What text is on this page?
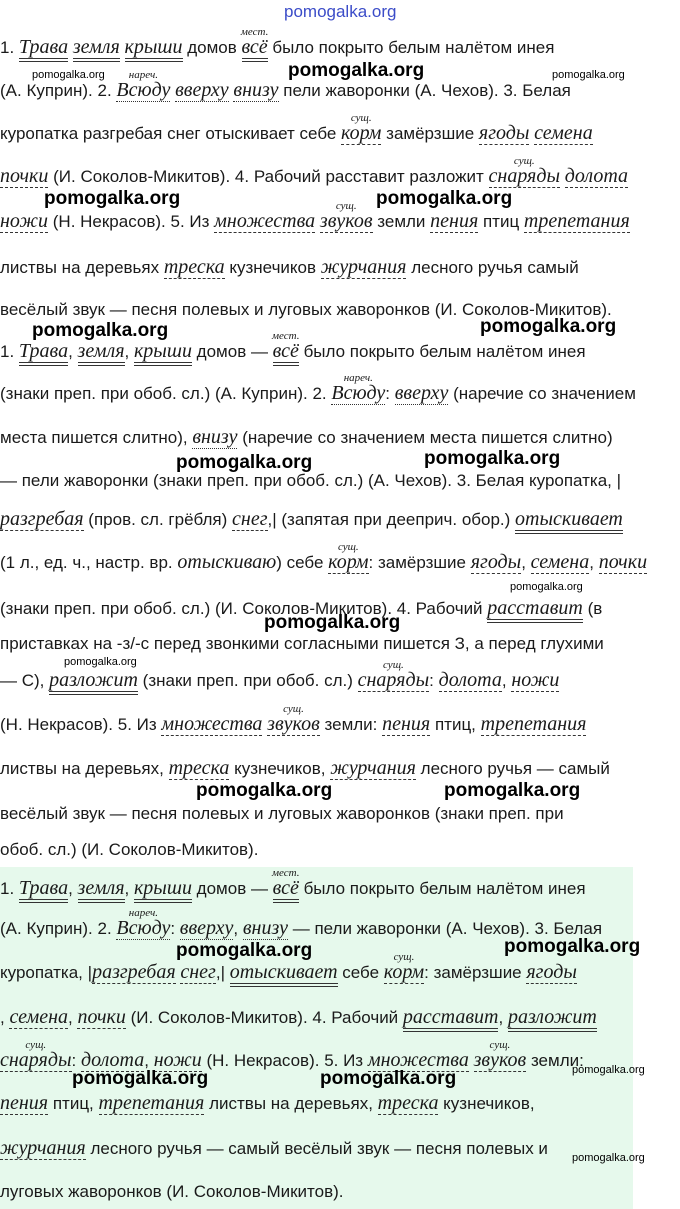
pomogalka.org
1. Трава земля крыши домов
мест.
всё было покрыто белым налётом инея
pomogalka.org	pomogalka.org	pomogalka.org
(А. Куприн). 2.
нареч.
Всюду вверху внизу пели жаворонки (А. Чехов). 3. Белая
куропатка разгребая снег отыскивает себе
сущ.
корм замёрзшие ягоды семена
почки (И. Соколов-Микитов). 4. Рабочий расставит разложит
сущ.
снаряды долота
pomogalka.org	pomogalka.org
ножи (Н. Некрасов). 5. Из множества
сущ.
звуков земли пения птиц трепетания
листвы на деревьях треска кузнечиков журчания лесного ручья самый
весёлый звук — песня полевых и луговых жаворонков (И. Соколов-Микитов).
pomogalka.org	pomogalka.org
1. Трава, земля, крыши домов —
мест.
всё было покрыто белым налётом инея
(знаки преп. при обоб. сл.) (А. Куприн). 2.
нареч.
Всюду: вверху (наречие со значением
места пишется слитно), внизу (наречие со значением места пишется слитно)
pomogalka.org	pomogalka.org
— пели жаворонки (знаки преп. при обоб. сл.) (А. Чехов). 3. Белая куропатка, |
разгребая (пров. сл. грёбля) снег,| (запятая при дееприч. обор.) отыскивает
(1 л., ед. ч., настр. вр. отыскиваю) себе
сущ.
корм: замёрзшие ягоды, семена, почки
pomogalka.org
(знаки преп. при обоб. сл.) (И. Соколов-Микитов). 4. Рабочий расставит (в
pomogalka.org
приставках на -з/-с перед звонкими согласными пишется З, а перед глухими
pomogalka.org
— С), разложит (знаки преп. при обоб. сл.)
сущ.
снаряды: долота, ножи
(Н. Некрасов). 5. Из множества
сущ.
звуков земли: пения птиц, трепетания
листвы на деревьях, треска кузнечиков, журчания лесного ручья — самый
pomogalka.org	pomogalka.org
весёлый звук — песня полевых и луговых жаворонков (знаки преп. при
обоб. сл.) (И. Соколов-Микитов).
1. Трава, земля, крыши домов —
мест.
всё было покрыто белым налётом инея
(А. Куприн). 2.
нареч.
Всюду: вверху, внизу — пели жаворонки (А. Чехов). 3. Белая
pomogalka.org	pomogalka.org
куропатка, |разгребая снег,| отыскивает себе
сущ.
корм: замёрзшие ягоды
, семена, почки (И. Соколов-Микитов). 4. Рабочий расставит, разложит
сущ.
снаряды: долота, ножи (Н. Некрасов). 5. Из множества
сущ.
звуков земли:
pomogalka.org	pomogalka.org	pomogalka.org
пения птиц, трепетания листвы на деревьях, треска кузнечиков,
журчания лесного ручья — самый весёлый звук — песня полевых и	pomogalka.org
луговых жаворонков (И. Соколов-Микитов).
